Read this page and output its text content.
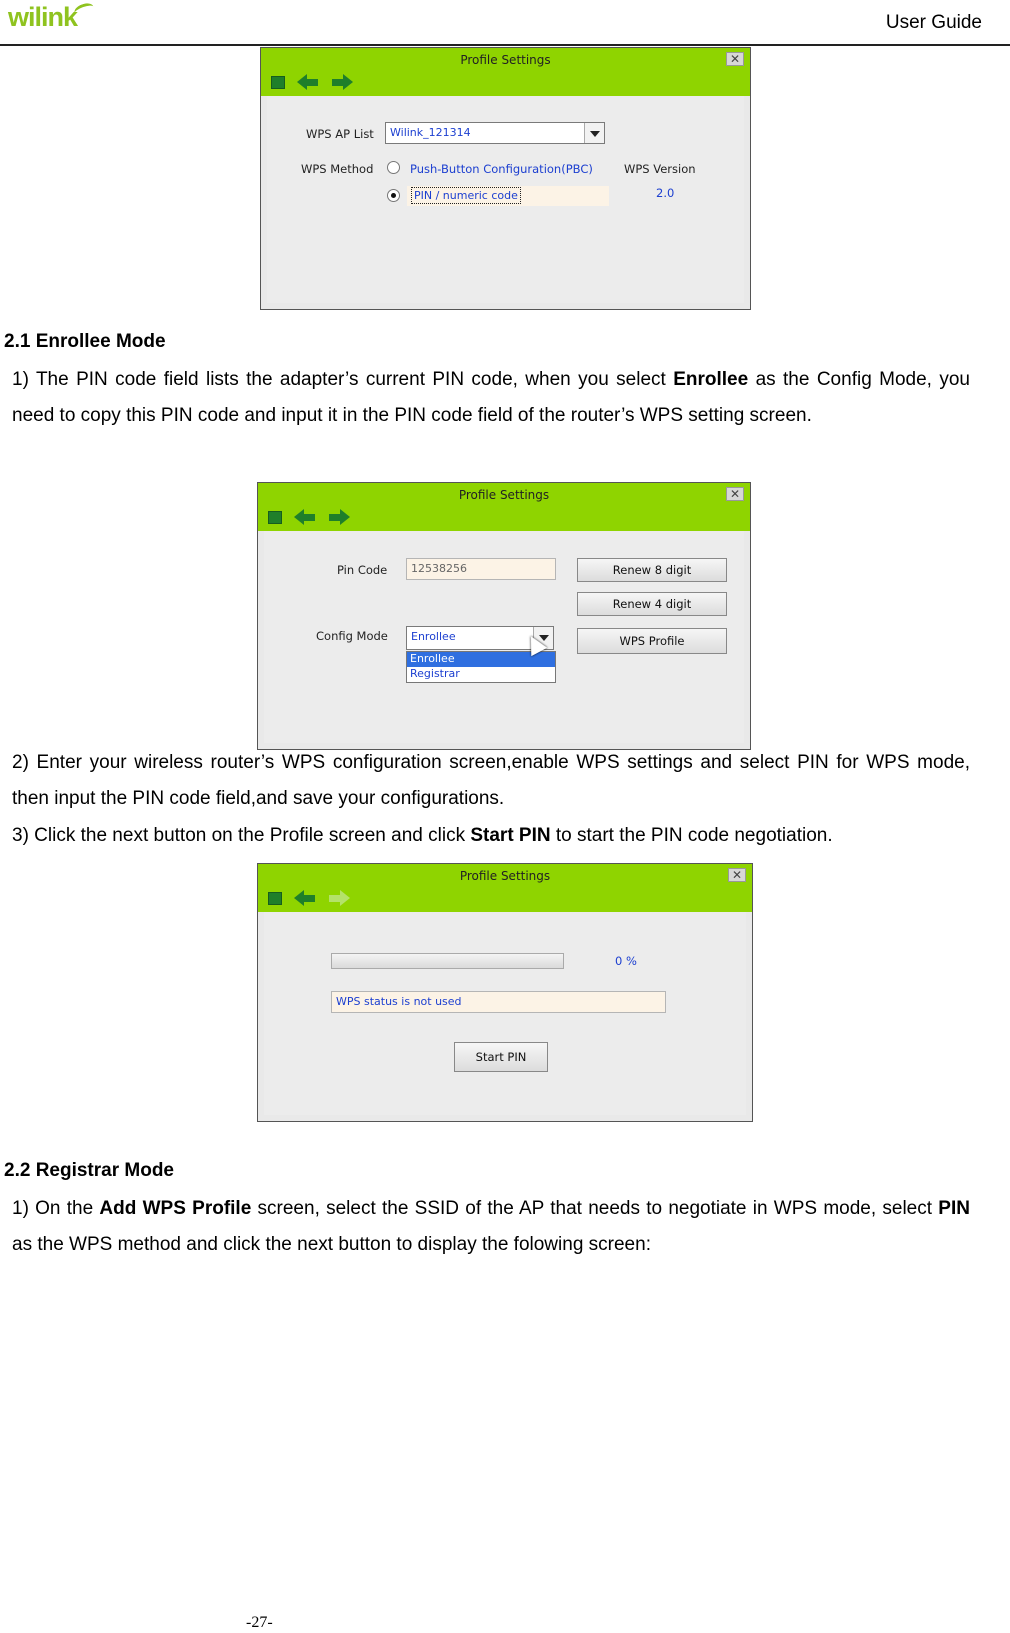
wilink	User Guide
Profile Settings	✕
WPS AP List	Wilink_121314
WPS Method	Push-Button Configuration(PBC)	WPS Version
PIN / numeric code	2.0
2.1 Enrollee Mode

1) The PIN code field lists the adapter’s current PIN code, when you select Enrollee as the Config Mode, you need to copy this PIN code and input it in the PIN code field of the router’s WPS setting screen.

Profile Settings	✕
Pin Code	12538256	Renew 8 digit
Renew 4 digit
Config Mode	Enrollee	WPS Profile
Enrollee
Registrar

2) Enter your wireless router’s WPS configuration screen,enable WPS settings and select PIN for WPS mode, then input the PIN code field,and save your configurations.

3) Click the next button on the Profile screen and click Start PIN to start the PIN code negotiation.

Profile Settings	✕
0 %
WPS status is not used
Start PIN
2.2 Registrar Mode

1) On the Add WPS Profile screen, select the SSID of the AP that needs to negotiate in WPS mode, select PIN as the WPS method and click the next button to display the folowing screen:

-27-
